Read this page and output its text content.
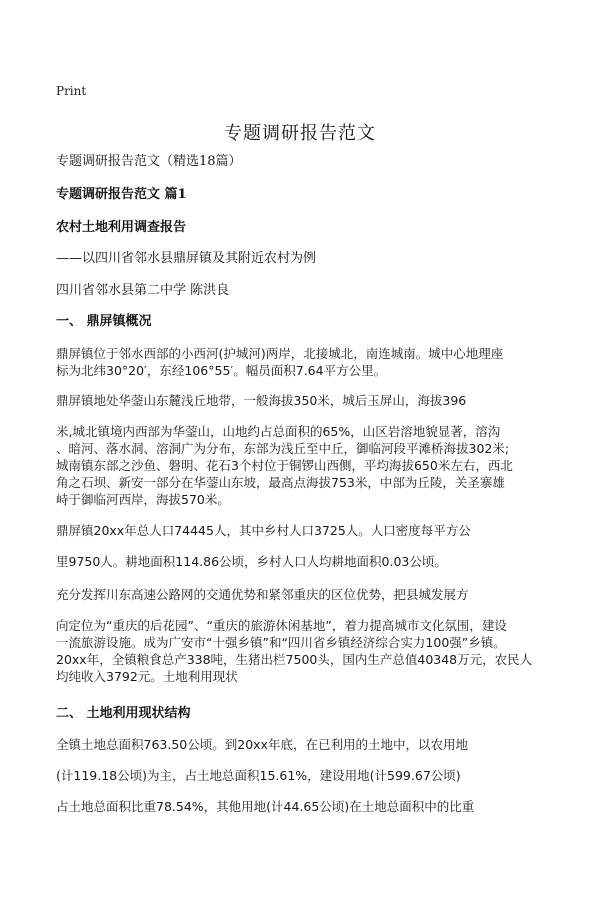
Print
专题调研报告范文
专题调研报告范文（精选18篇）
专题调研报告范文 篇1
农村土地利用调查报告
——以四川省邻水县鼎屏镇及其附近农村为例
四川省邻水县第二中学 陈洪良
一、 鼎屏镇概况
鼎屏镇位于邻水西部的小西河(护城河)两岸，北接城北，南连城南。城中心地理座
标为北纬30°20′，东经106°55′。幅员面积7.64平方公里。
鼎屏镇地处华蓥山东麓浅丘地带，一般海拔350米，城后玉屏山，海拔396
米,城北镇境内西部为华蓥山，山地约占总面积的65%，山区岩溶地貌显著，溶沟
、暗河、落水洞、溶洞广为分布，东部为浅丘至中丘，御临河段平滩桥海拔302米;
城南镇东部之沙鱼、磐明、花石3个村位于铜锣山西侧，平均海拔650米左右，西北
角之石坝、新安一部分在华蓥山东坡，最高点海拔753米，中部为丘陵，关圣寨雄
峙于御临河西岸，海拔570米。
鼎屏镇20xx年总人口74445人，其中乡村人口3725人。人口密度每平方公
里9750人。耕地面积114.86公顷，乡村人口人均耕地面积0.03公顷。
充分发挥川东高速公路网的交通优势和紧邻重庆的区位优势，把县城发展方
向定位为“重庆的后花园”、“重庆的旅游休闲基地”，着力提高城市文化氛围，建设
一流旅游设施。成为广安市“十强乡镇”和“四川省乡镇经济综合实力100强”乡镇。
20xx年，全镇粮食总产338吨，生猪出栏7500头，国内生产总值40348万元，农民人
均纯收入3792元。土地利用现状
二、 土地利用现状结构
全镇土地总面积763.50公顷。到20xx年底，在已利用的土地中，以农用地
(计119.18公顷)为主，占土地总面积15.61%，建设用地(计599.67公顷)
占土地总面积比重78.54%，其他用地(计44.65公顷)在土地总面积中的比重
